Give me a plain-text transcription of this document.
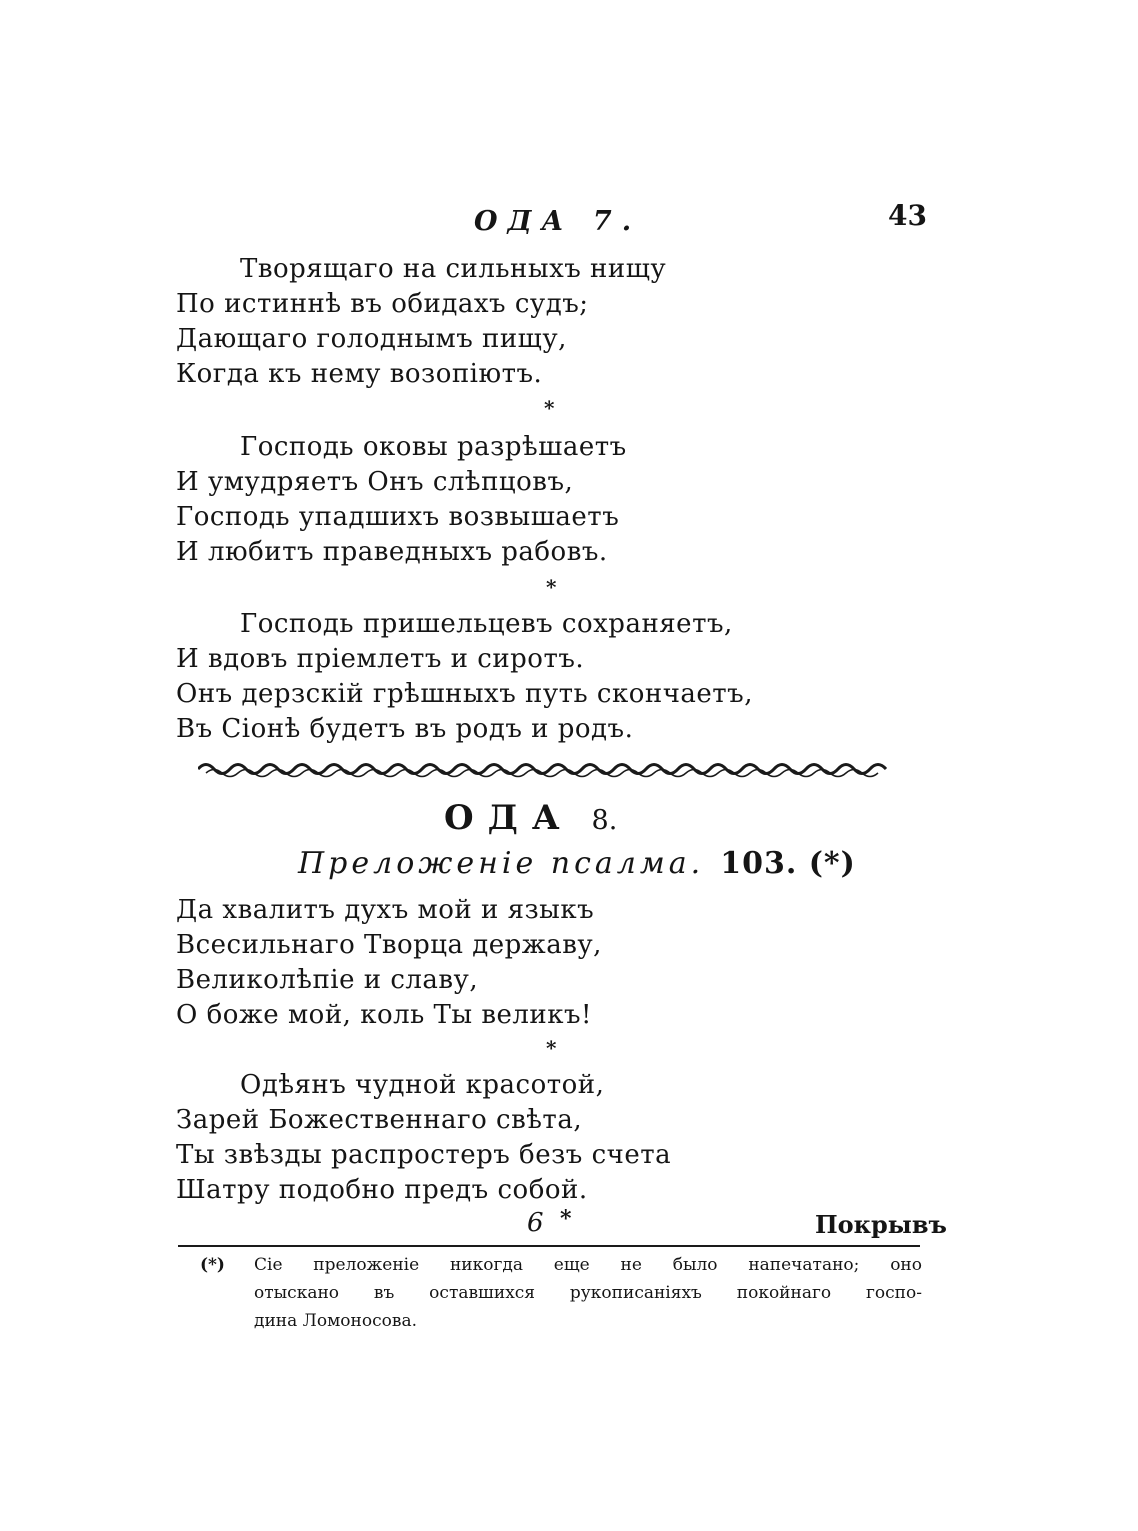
ОДА 7.	43
Творящаго на сильныхъ нищу
По истиннѣ въ обидахъ судъ;
Дающаго голоднымъ пищу,
Когда къ нему возопіютъ.
*
Господь оковы разрѣшаетъ
И умудряетъ Онъ слѣпцовъ,
Господь упадшихъ возвышаетъ
И любитъ праведныхъ рабовъ.
*
Господь пришельцевъ сохраняетъ,
И вдовъ пріемлетъ и сиротъ.
Онъ дерзскій грѣшныхъ путь скончаетъ,
Въ Сіонѣ будетъ въ родъ и родъ.
ОДА 8.
Преложеніе псалма. 103. (*)
Да хвалитъ духъ мой и языкъ
Всесильнаго Творца державу,
Великолѣпіе и славу,
О боже мой, коль Ты великъ!
*
Одѣянъ чудной красотой,
Зарей Божественнаго свѣта,
Ты звѣзды распростеръ безъ счета
Шатру подобно предъ собой.
6 *	Покрывъ
(*) Сіе преложеніе никогда еще не было напечатано; оно
отыскано въ оставшихся рукописаніяхъ покойнаго госпо-
дина Ломоносова.
